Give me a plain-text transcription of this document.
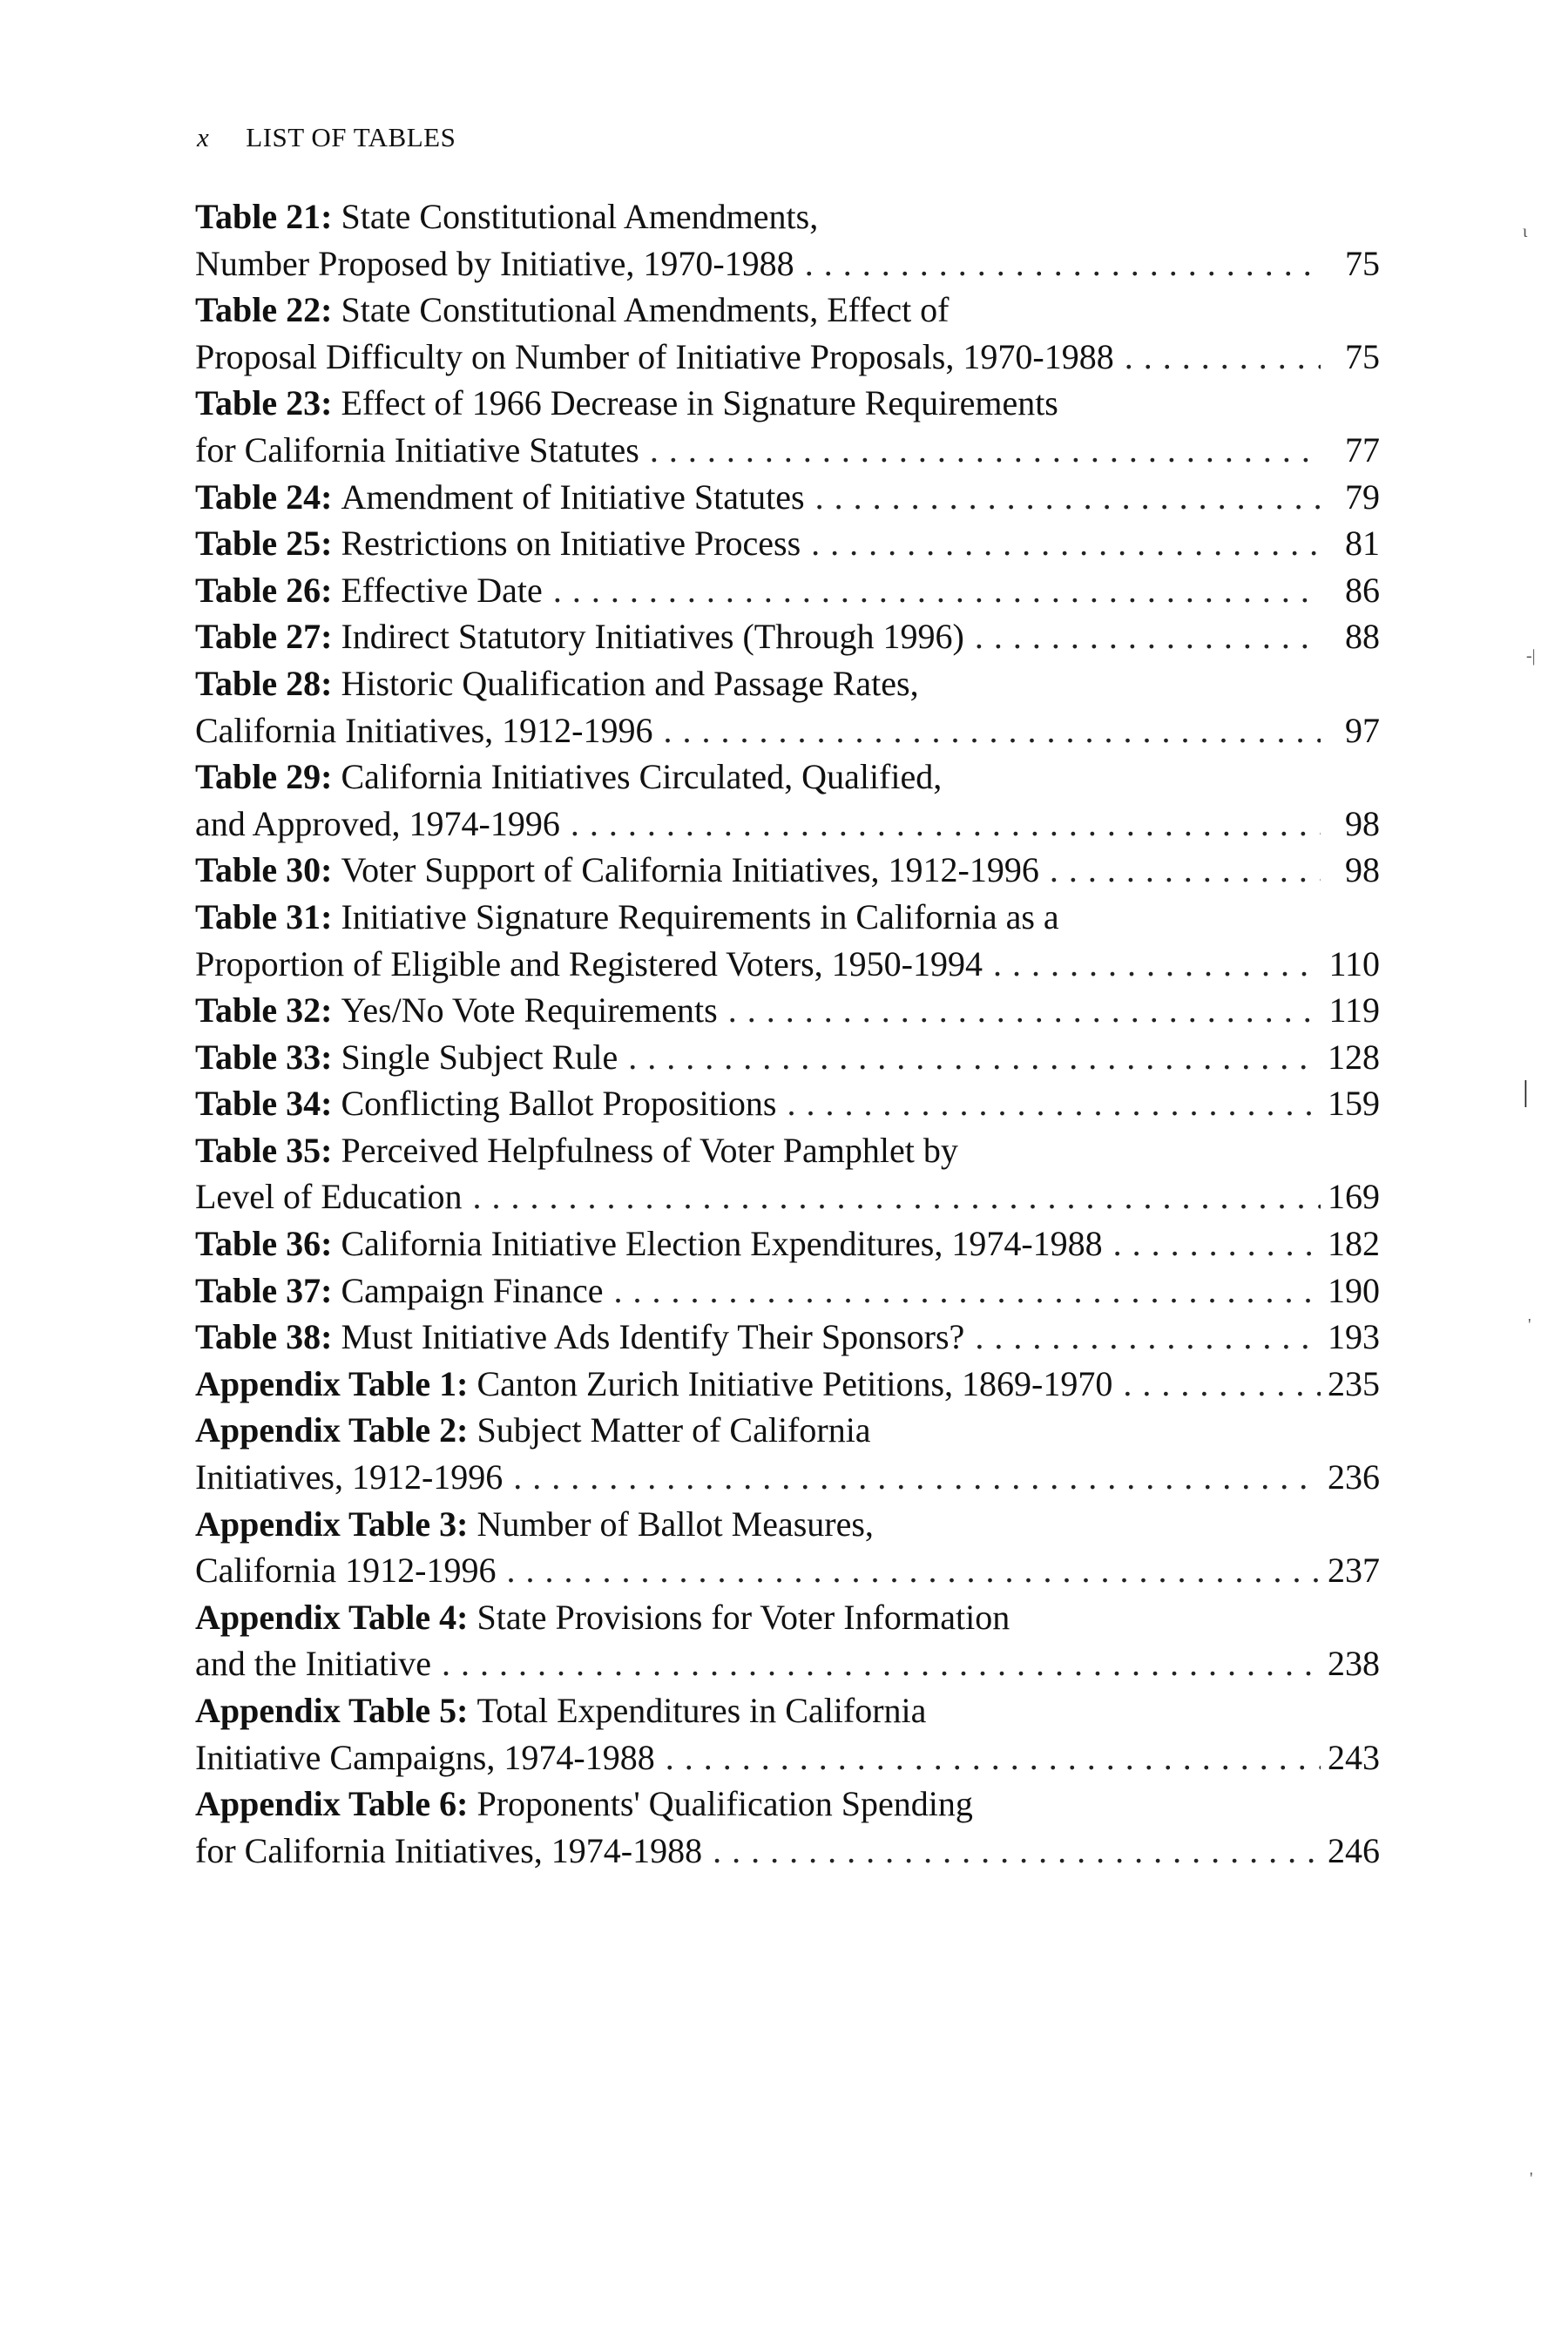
x LIST OF TABLES
Table 21: State Constitutional Amendments,
Number Proposed by Initiative, 1970-1988 . . .	75
Table 22: State Constitutional Amendments, Effect of
Proposal Difficulty on Number of Initiative Proposals, 1970-1988 . . .	75
Table 23: Effect of 1966 Decrease in Signature Requirements
for California Initiative Statutes . . .	77
Table 24: Amendment of Initiative Statutes . . .	79
Table 25: Restrictions on Initiative Process . . .	81
Table 26: Effective Date . . .	86
Table 27: Indirect Statutory Initiatives (Through 1996) . . .	88
Table 28: Historic Qualification and Passage Rates,
California Initiatives, 1912-1996 . . .	97
Table 29: California Initiatives Circulated, Qualified,
and Approved, 1974-1996 . . .	98
Table 30: Voter Support of California Initiatives, 1912-1996 . . .	98
Table 31: Initiative Signature Requirements in California as a
Proportion of Eligible and Registered Voters, 1950-1994 . . .	110
Table 32: Yes/No Vote Requirements . . .	119
Table 33: Single Subject Rule . . .	128
Table 34: Conflicting Ballot Propositions . . .	159
Table 35: Perceived Helpfulness of Voter Pamphlet by
Level of Education . . .	169
Table 36: California Initiative Election Expenditures, 1974-1988 . . .	182
Table 37: Campaign Finance . . .	190
Table 38: Must Initiative Ads Identify Their Sponsors? . . .	193
Appendix Table 1: Canton Zurich Initiative Petitions, 1869-1970 . . .	235
Appendix Table 2: Subject Matter of California
Initiatives, 1912-1996 . . .	236
Appendix Table 3: Number of Ballot Measures,
California 1912-1996 . . .	237
Appendix Table 4: State Provisions for Voter Information
and the Initiative . . .	238
Appendix Table 5: Total Expenditures in California
Initiative Campaigns, 1974-1988 . . .	243
Appendix Table 6: Proponents' Qualification Spending
for California Initiatives, 1974-1988 . . .	246
ι
-|
|
'
'
